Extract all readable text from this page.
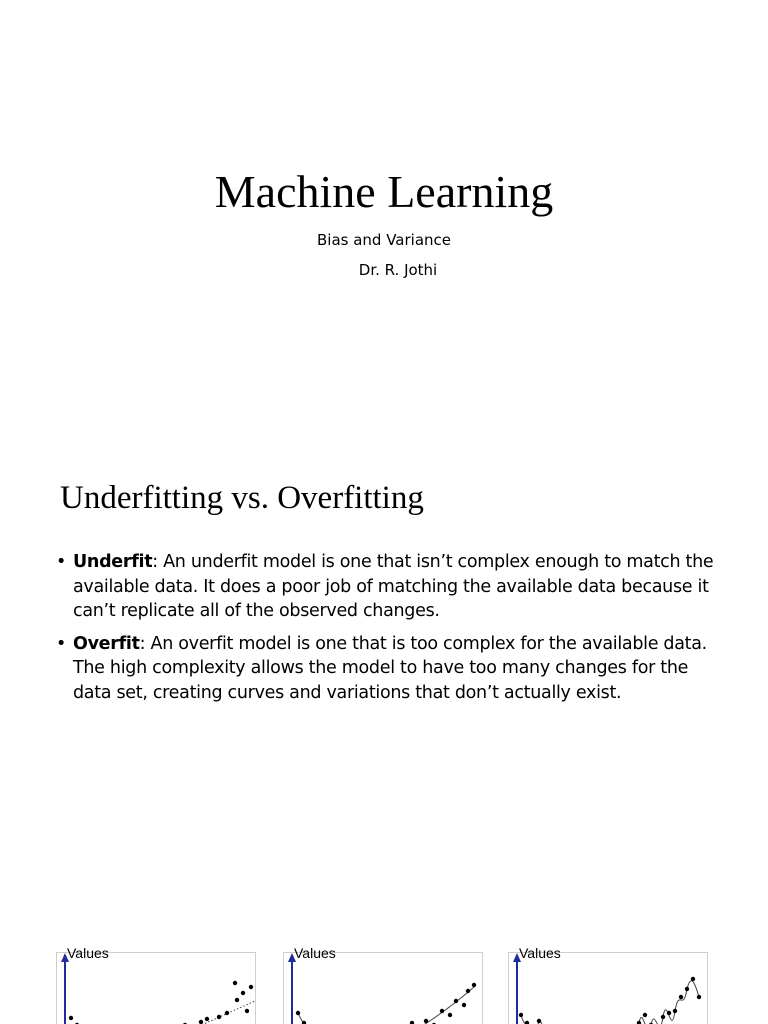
Machine Learning
Bias and Variance
Dr. R. Jothi
Underfitting vs. Overfitting
• Underfit: An underfit model is one that isn’t complex enough to match the available data. It does a poor job of matching the available data because it can’t replicate all of the observed changes.
• Overfit: An overfit model is one that is too complex for the available data. The high complexity allows the model to have too many changes for the data set, creating curves and variations that don’t actually exist.
Values	Values	Values
